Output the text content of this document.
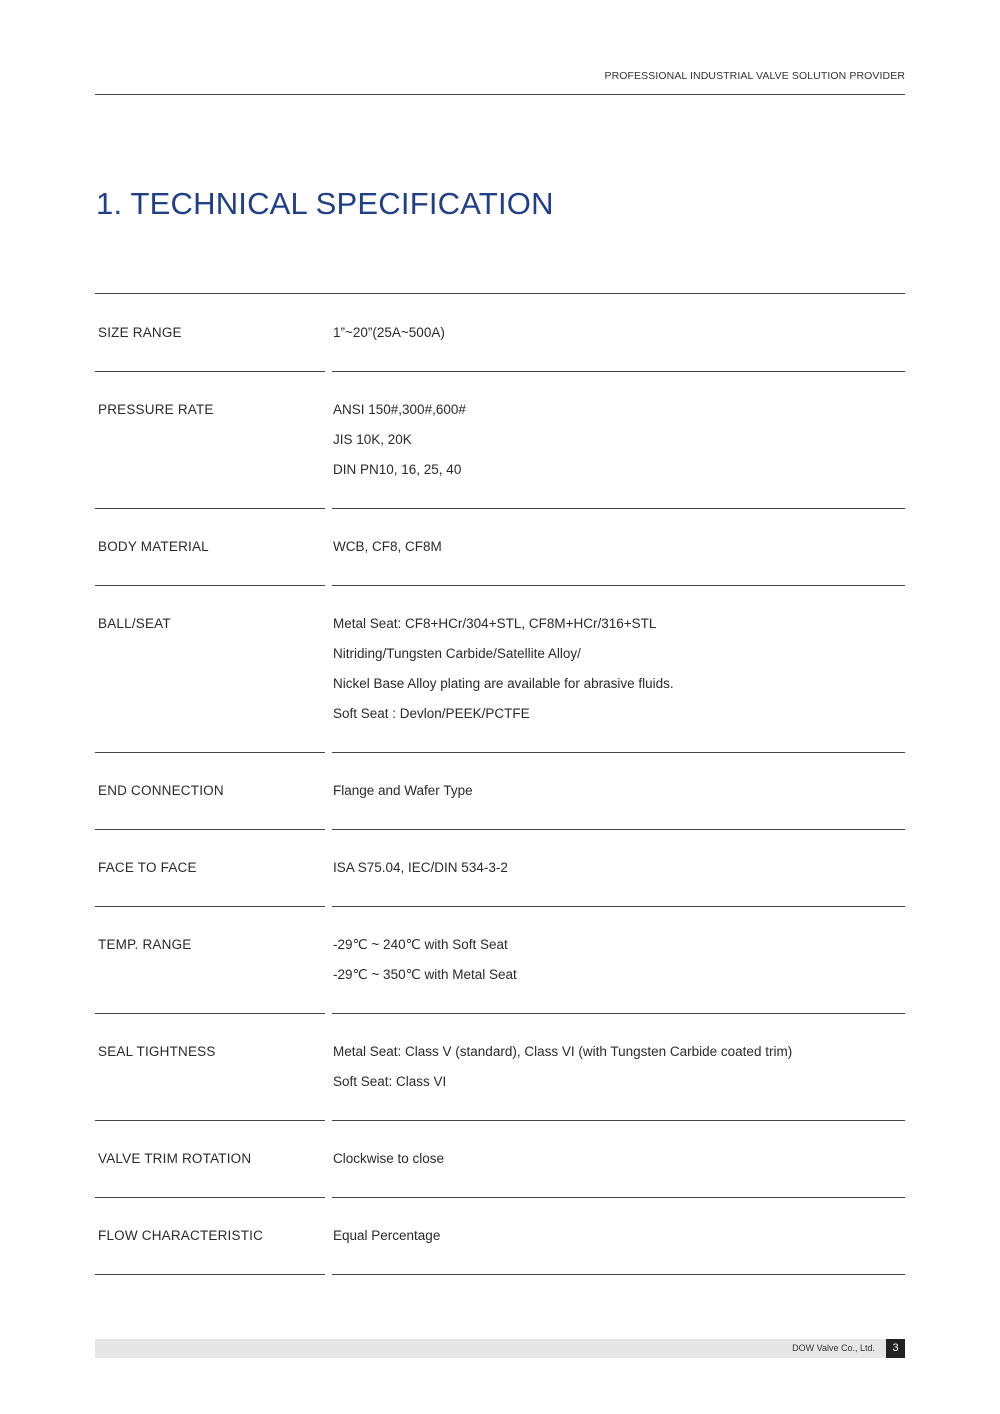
PROFESSIONAL INDUSTRIAL VALVE SOLUTION PROVIDER
1. TECHNICAL SPECIFICATION
SIZE RANGE	1”~20”(25A~500A)
PRESSURE RATE	ANSI 150#,300#,600#
JIS 10K, 20K
DIN PN10, 16, 25, 40
BODY MATERIAL	WCB, CF8, CF8M
BALL/SEAT	Metal Seat: CF8+HCr/304+STL, CF8M+HCr/316+STL
Nitriding/Tungsten Carbide/Satellite Alloy/
Nickel Base Alloy plating are available for abrasive fluids.
Soft Seat : Devlon/PEEK/PCTFE
END CONNECTION	Flange and Wafer Type
FACE TO FACE	ISA S75.04, IEC/DIN 534-3-2
TEMP. RANGE	-29℃ ~ 240℃ with Soft Seat
-29℃ ~ 350℃ with Metal Seat
SEAL TIGHTNESS	Metal Seat: Class V (standard), Class VI (with Tungsten Carbide coated trim)
Soft Seat: Class VI
VALVE TRIM ROTATION	Clockwise to close
FLOW CHARACTERISTIC	Equal Percentage
DOW Valve Co., Ltd.	3
